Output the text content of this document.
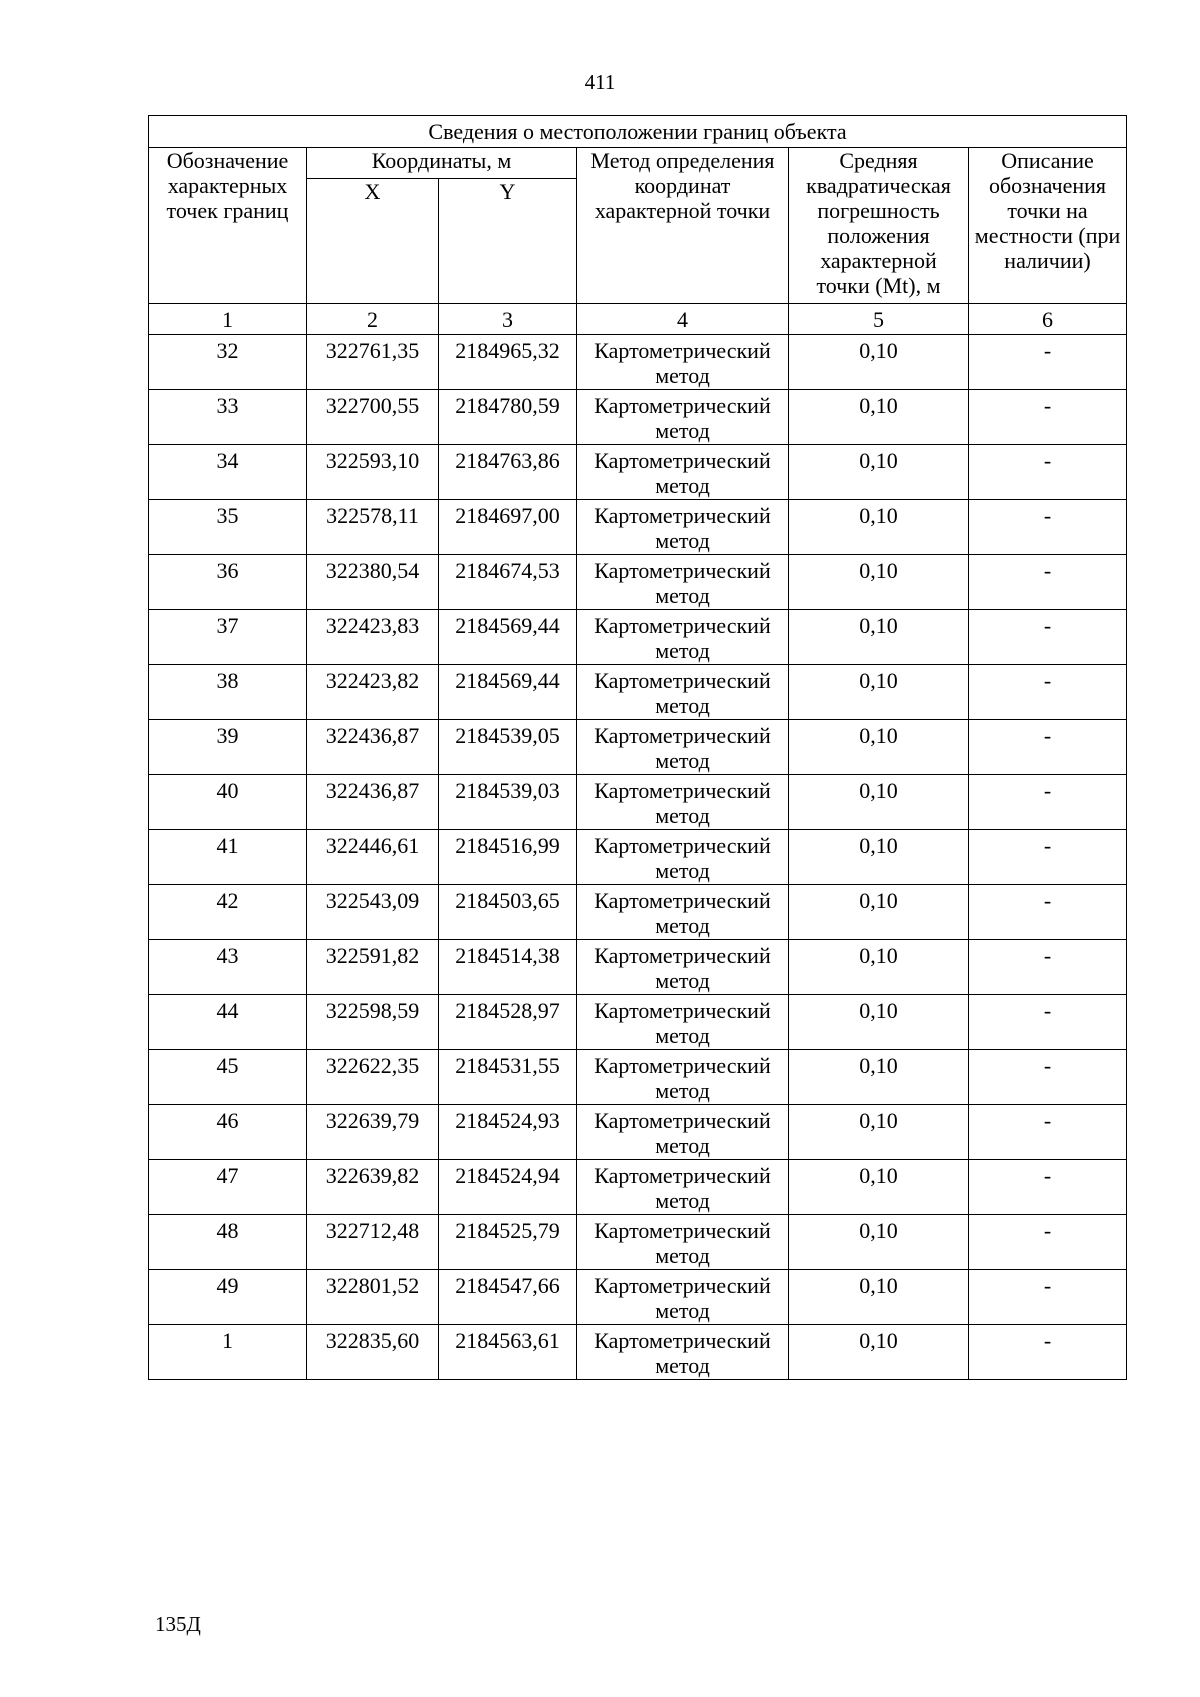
411
Сведения о местоположении границ объекта					
Обозначение характерных точек границ	Координаты, м		Метод определения координат характерной точки	Средняя квадратическая погрешность положения характерной точки (Mt), м	Описание обозначения точки на местности (при наличии)
	X	Y			
1	2	3	4	5	6
32	322761,35	2184965,32	Картометрический метод	0,10	-
33	322700,55	2184780,59	Картометрический метод	0,10	-
34	322593,10	2184763,86	Картометрический метод	0,10	-
35	322578,11	2184697,00	Картометрический метод	0,10	-
36	322380,54	2184674,53	Картометрический метод	0,10	-
37	322423,83	2184569,44	Картометрический метод	0,10	-
38	322423,82	2184569,44	Картометрический метод	0,10	-
39	322436,87	2184539,05	Картометрический метод	0,10	-
40	322436,87	2184539,03	Картометрический метод	0,10	-
41	322446,61	2184516,99	Картометрический метод	0,10	-
42	322543,09	2184503,65	Картометрический метод	0,10	-
43	322591,82	2184514,38	Картометрический метод	0,10	-
44	322598,59	2184528,97	Картометрический метод	0,10	-
45	322622,35	2184531,55	Картометрический метод	0,10	-
46	322639,79	2184524,93	Картометрический метод	0,10	-
47	322639,82	2184524,94	Картометрический метод	0,10	-
48	322712,48	2184525,79	Картометрический метод	0,10	-
49	322801,52	2184547,66	Картометрический метод	0,10	-
1	322835,60	2184563,61	Картометрический метод	0,10	-
135Д
